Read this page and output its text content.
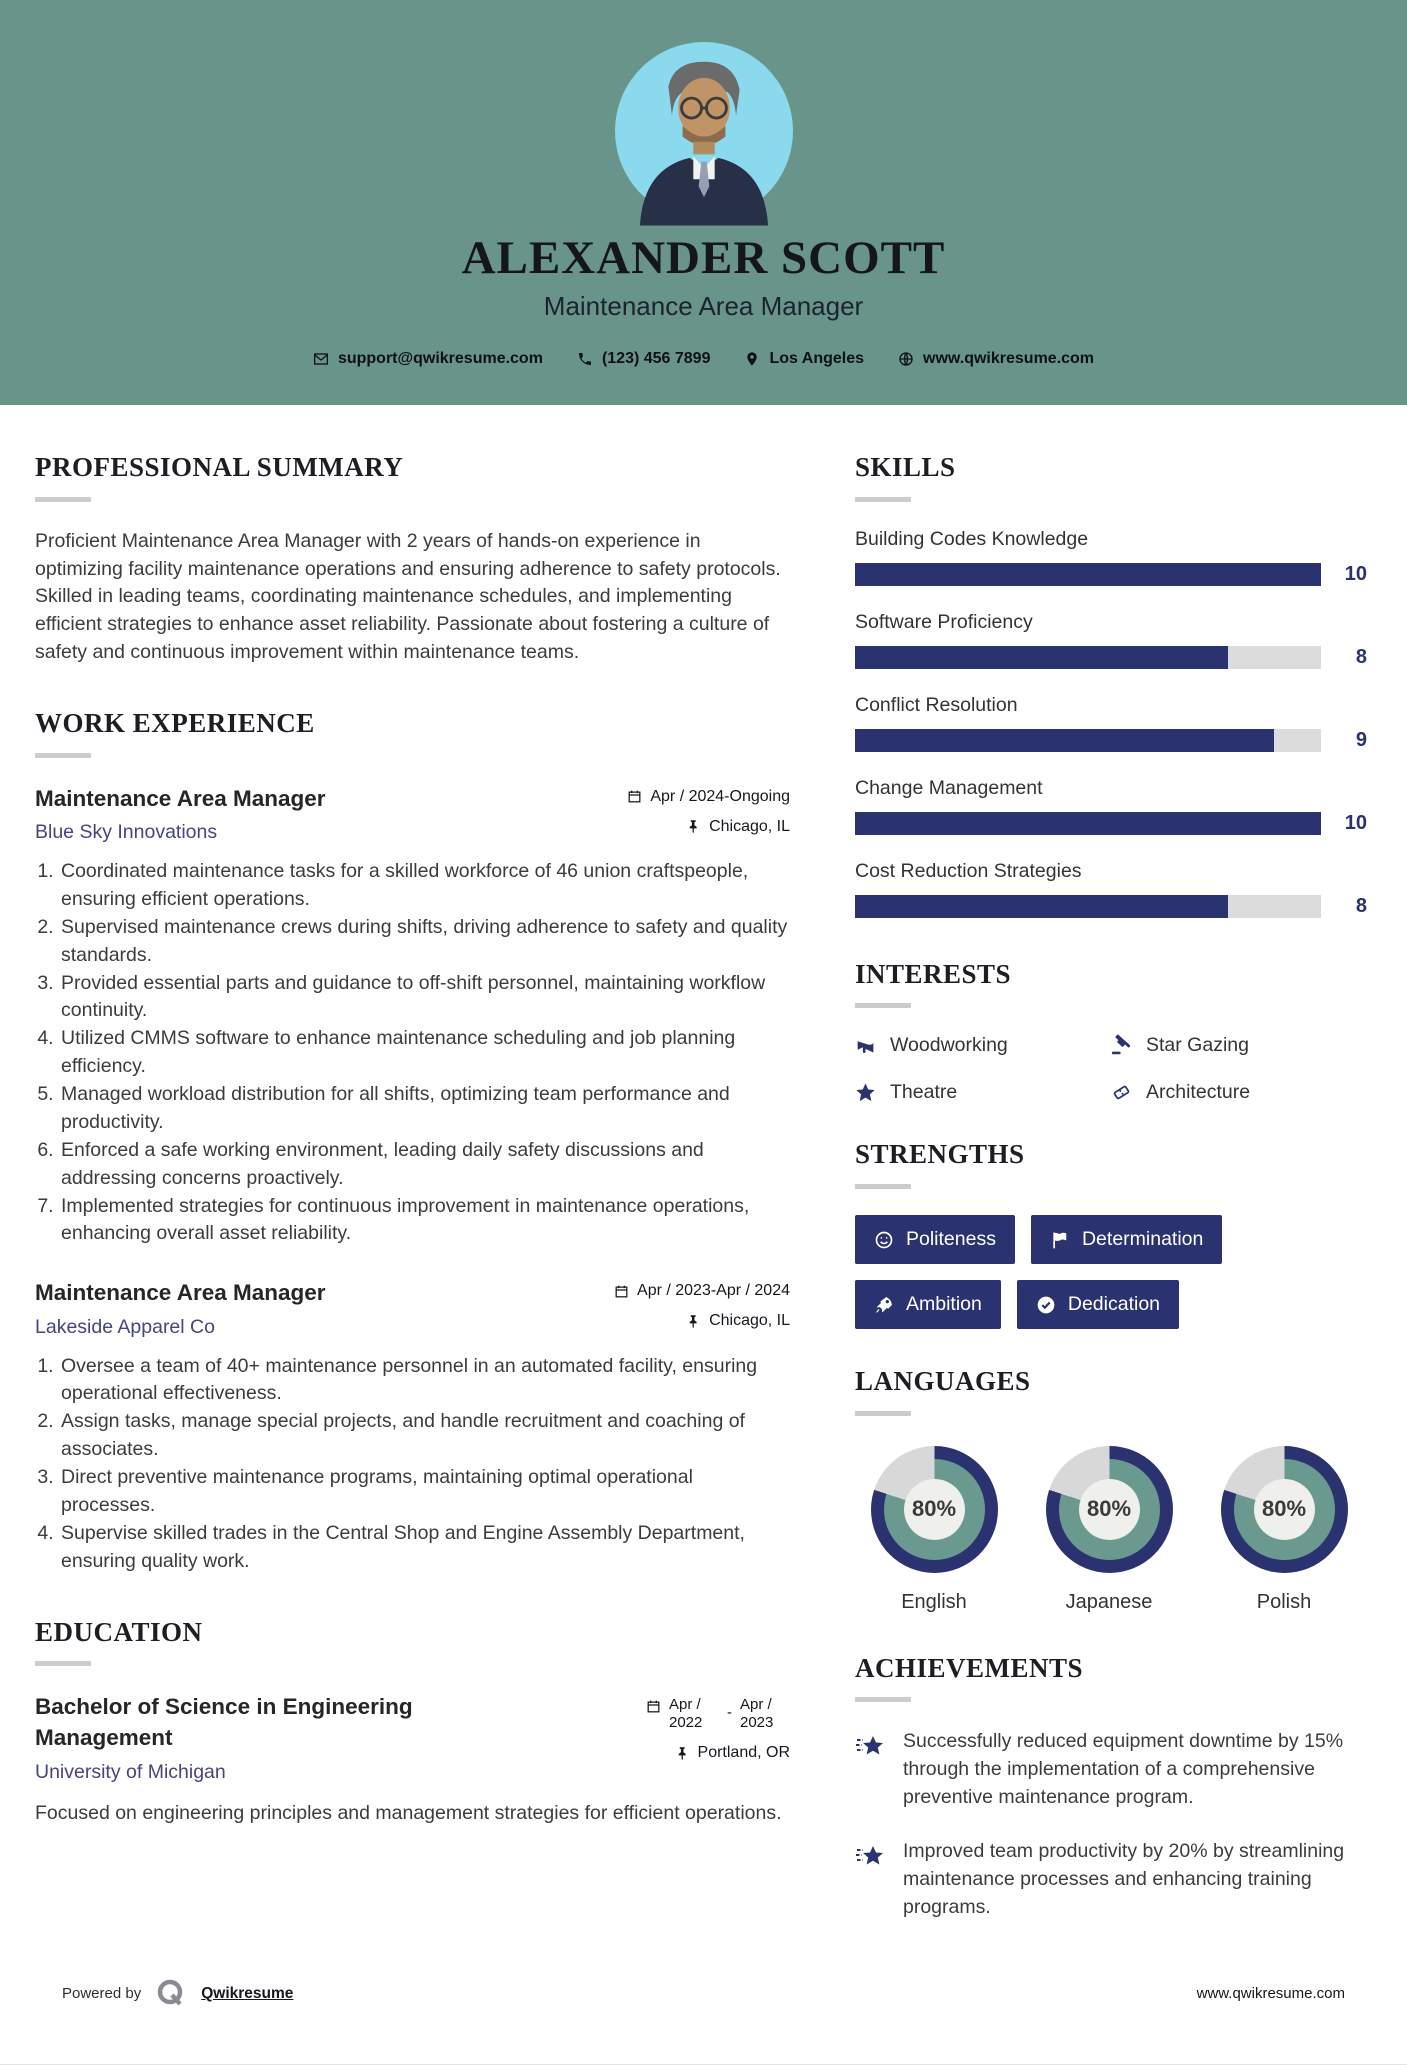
ALEXANDER SCOTT
Maintenance Area Manager
support@qwikresume.com	(123) 456 7899	Los Angeles	www.qwikresume.com
PROFESSIONAL SUMMARY

Proficient Maintenance Area Manager with 2 years of hands-on experience in optimizing facility maintenance operations and ensuring adherence to safety protocols. Skilled in leading teams, coordinating maintenance schedules, and implementing efficient strategies to enhance asset reliability. Passionate about fostering a culture of safety and continuous improvement within maintenance teams.

WORK EXPERIENCE
Maintenance Area Manager
Blue Sky Innovations
Apr / 2024-Ongoing
Chicago, IL
1. Coordinated maintenance tasks for a skilled workforce of 46 union craftspeople, ensuring efficient operations.
2. Supervised maintenance crews during shifts, driving adherence to safety and quality standards.
3. Provided essential parts and guidance to off-shift personnel, maintaining workflow continuity.
4. Utilized CMMS software to enhance maintenance scheduling and job planning efficiency.
5. Managed workload distribution for all shifts, optimizing team performance and productivity.
6. Enforced a safe working environment, leading daily safety discussions and addressing concerns proactively.
7. Implemented strategies for continuous improvement in maintenance operations, enhancing overall asset reliability.
Maintenance Area Manager
Lakeside Apparel Co
Apr / 2023-Apr / 2024
Chicago, IL
1. Oversee a team of 40+ maintenance personnel in an automated facility, ensuring operational effectiveness.
2. Assign tasks, manage special projects, and handle recruitment and coaching of associates.
3. Direct preventive maintenance programs, maintaining optimal operational processes.
4. Supervise skilled trades in the Central Shop and Engine Assembly Department, ensuring quality work.
EDUCATION
Bachelor of Science in Engineering Management
University of Michigan
Apr / 2022
- Apr / 2023
Portland, OR

Focused on engineering principles and management strategies for efficient operations.

SKILLS
Building Codes Knowledge
10
Software Proficiency
8
Conflict Resolution
9
Change Management
10
Cost Reduction Strategies
8
INTERESTS
Woodworking	Star Gazing
Theatre	Architecture
STRENGTHS
Politeness	Determination
Ambition	Dedication
LANGUAGES
80%
English
80%
Japanese
80%
Polish
ACHIEVEMENTS

Successfully reduced equipment downtime by 15% through the implementation of a comprehensive preventive maintenance program.

Improved team productivity by 20% by streamlining maintenance processes and enhancing training programs.

Powered by	Qwikresume	www.qwikresume.com
